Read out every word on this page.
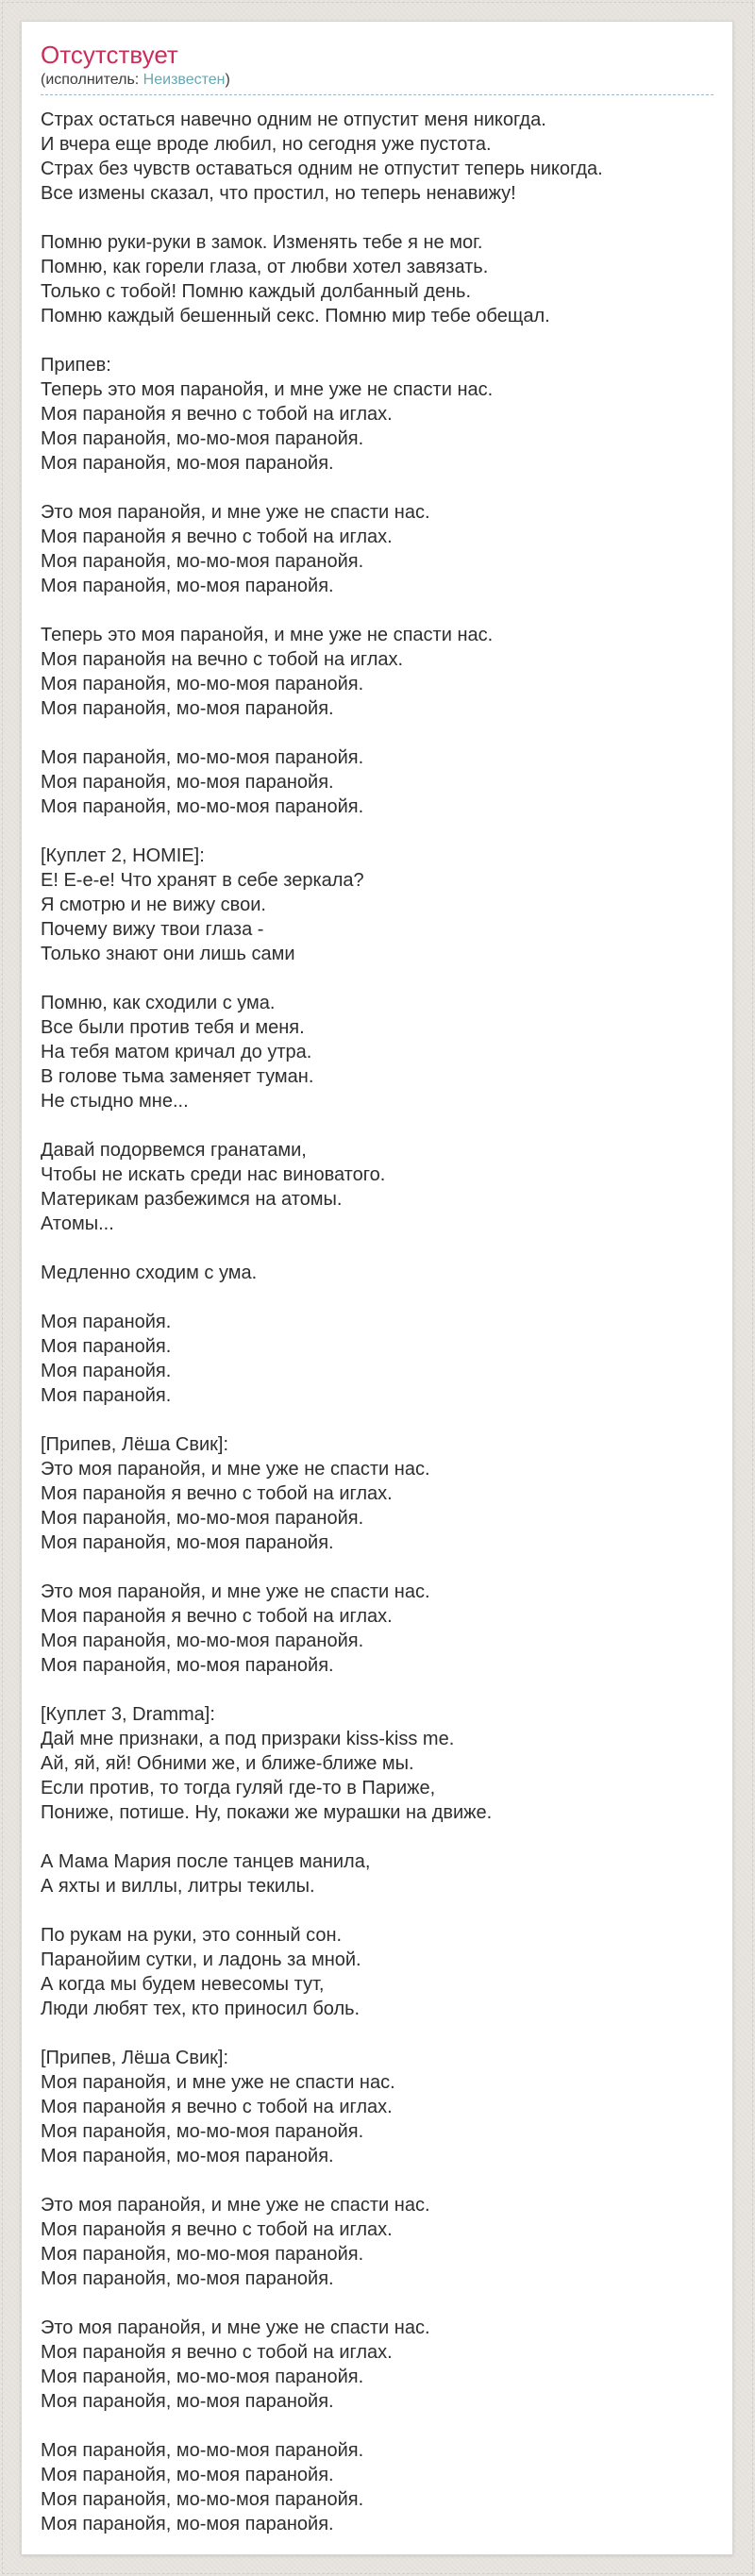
Отсутствует
(исполнитель: Неизвестен)

Страх остаться навечно одним не отпустит меня никогда.
И вчера еще вроде любил, но сегодня уже пустота.
Страх без чувств оставаться одним не отпустит теперь никогда.
Все измены сказал, что простил, но теперь ненавижу!

Помню руки-руки в замок. Изменять тебе я не мог.
Помню, как горели глаза, от любви хотел завязать.
Только с тобой! Помню каждый долбанный день.
Помню каждый бешенный секс. Помню мир тебе обещал.

Припев:
Теперь это моя паранойя, и мне уже не спасти нас.
Моя паранойя я вечно с тобой на иглах.
Моя паранойя, мо-мо-моя паранойя.
Моя паранойя, мо-моя паранойя.

Это моя паранойя, и мне уже не спасти нас.
Моя паранойя я вечно с тобой на иглах.
Моя паранойя, мо-мо-моя паранойя.
Моя паранойя, мо-моя паранойя.

Теперь это моя паранойя, и мне уже не спасти нас.
Моя паранойя на вечно с тобой на иглах.
Моя паранойя, мо-мо-моя паранойя.
Моя паранойя, мо-моя паранойя.

Моя паранойя, мо-мо-моя паранойя.
Моя паранойя, мо-моя паранойя.
Моя паранойя, мо-мо-моя паранойя.

[Куплет 2, HOMIE]:
Е! Е-е-е! Что хранят в себе зеркала?
Я смотрю и не вижу свои.
Почему вижу твои глаза -
Только знают они лишь сами

Помню, как сходили с ума.
Все были против тебя и меня.
На тебя матом кричал до утра.
В голове тьма заменяет туман.
Не стыдно мне...

Давай подорвемся гранатами,
Чтобы не искать среди нас виноватого.
Материкам разбежимся на атомы.
Атомы...

Медленно сходим с ума.

Моя паранойя.
Моя паранойя.
Моя паранойя.
Моя паранойя.

[Припев, Лёша Свик]:
Это моя паранойя, и мне уже не спасти нас.
Моя паранойя я вечно с тобой на иглах.
Моя паранойя, мо-мо-моя паранойя.
Моя паранойя, мо-моя паранойя.

Это моя паранойя, и мне уже не спасти нас.
Моя паранойя я вечно с тобой на иглах.
Моя паранойя, мо-мо-моя паранойя.
Моя паранойя, мо-моя паранойя.

[Куплет 3, Dramma]:
Дай мне признаки, а под призраки kiss-kiss me.
Ай, яй, яй! Обними же, и ближе-ближе мы.
Если против, то тогда гуляй где-то в Париже,
Пониже, потише. Ну, покажи же мурашки на движе.

А Мама Мария после танцев манила,
А яхты и виллы, литры текилы.

По рукам на руки, это сонный сон.
Паранойим сутки, и ладонь за мной.
А когда мы будем невесомы тут,
Люди любят тех, кто приносил боль.

[Припев, Лёша Свик]:
Моя паранойя, и мне уже не спасти нас.
Моя паранойя я вечно с тобой на иглах.
Моя паранойя, мо-мо-моя паранойя.
Моя паранойя, мо-моя паранойя.

Это моя паранойя, и мне уже не спасти нас.
Моя паранойя я вечно с тобой на иглах.
Моя паранойя, мо-мо-моя паранойя.
Моя паранойя, мо-моя паранойя.

Это моя паранойя, и мне уже не спасти нас.
Моя паранойя я вечно с тобой на иглах.
Моя паранойя, мо-мо-моя паранойя.
Моя паранойя, мо-моя паранойя.

Моя паранойя, мо-мо-моя паранойя.
Моя паранойя, мо-моя паранойя.
Моя паранойя, мо-мо-моя паранойя.
Моя паранойя, мо-моя паранойя.
